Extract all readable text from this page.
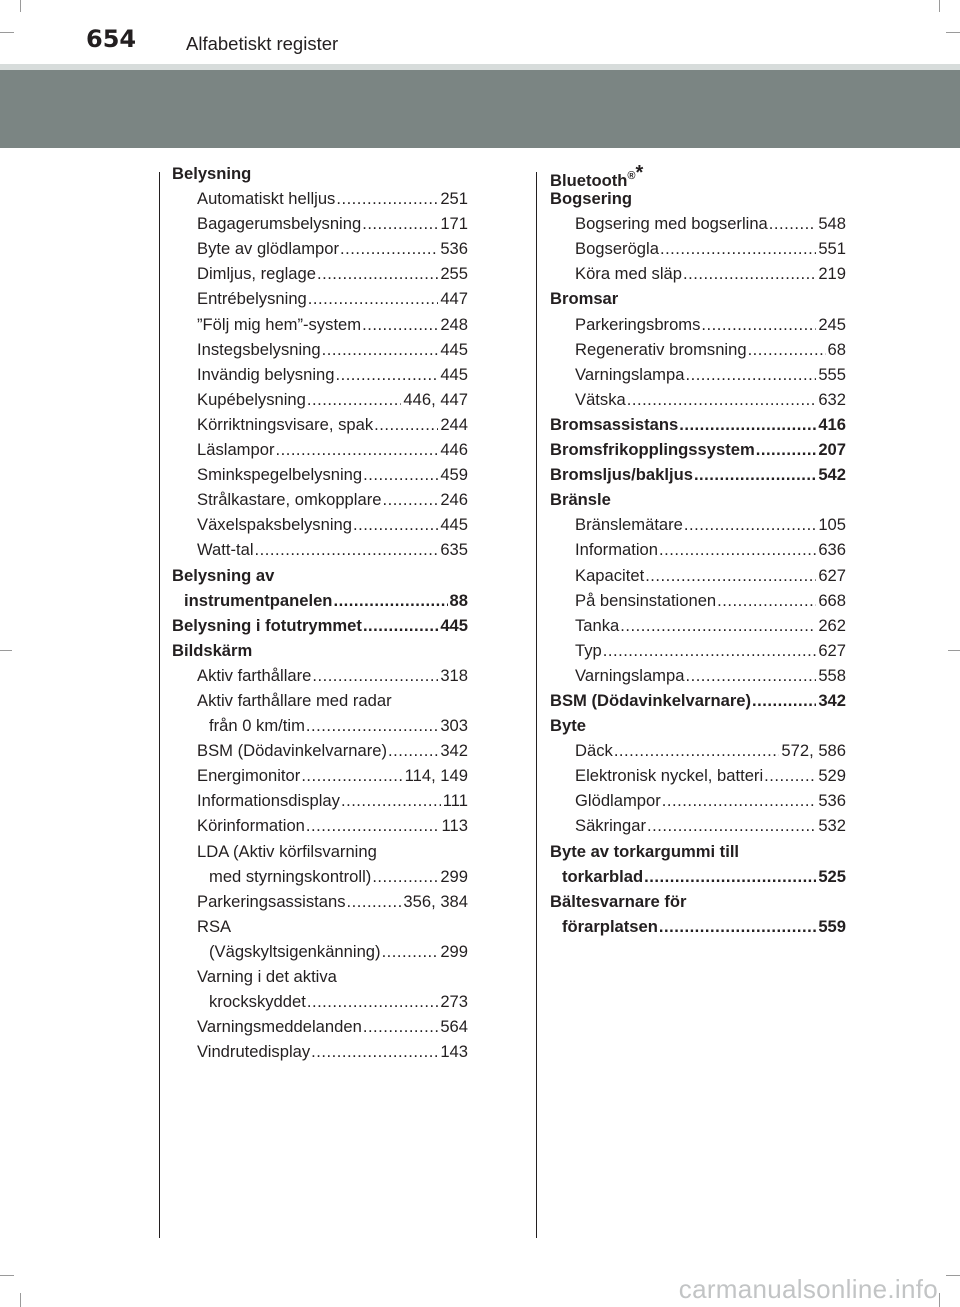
654	Alfabetiskt register
Belysning
Automatiskt helljus .....	251
Bagagerumsbelysning .....	171
Byte av glödlampor .....	536
Dimljus, reglage .....	255
Entrébelysning .....	447
”Följ mig hem”-system .....	248
Instegsbelysning .....	445
Invändig belysning .....	445
Kupébelysning .....	446, 447
Körriktningsvisare, spak .....	244
Läslampor .....	446
Sminkspegelbelysning .....	459
Strålkastare, omkopplare .....	246
Växelspaksbelysning .....	445
Watt-tal .....	635
Belysning av
instrumentpanelen .....	88
Belysning i fotutrymmet .....	445
Bildskärm
Aktiv farthållare .....	318
Aktiv farthållare med radar
från 0 km/tim .....	303
BSM (Dödavinkelvarnare) .....	342
Energimonitor .....	114, 149
Informationsdisplay .....	111
Körinformation .....	113
LDA (Aktiv körfilsvarning
med styrningskontroll) .....	299
Parkeringsassistans .....	356, 384
RSA
(Vägskyltsigenkänning) .....	299
Varning i det aktiva
krockskyddet .....	273
Varningsmeddelanden .....	564
Vindrutedisplay .....	143
Bluetooth®*
Bogsering
Bogsering med bogserlina .....	548
Bogserögla .....	551
Köra med släp .....	219
Bromsar
Parkeringsbroms .....	245
Regenerativ bromsning .....	68
Varningslampa .....	555
Vätska .....	632
Bromsassistans .....	416
Bromsfrikopplingssystem .....	207
Bromsljus/bakljus .....	542
Bränsle
Bränslemätare .....	105
Information .....	636
Kapacitet .....	627
På bensinstationen .....	668
Tanka .....	262
Typ .....	627
Varningslampa .....	558
BSM (Dödavinkelvarnare) .....	342
Byte
Däck .....	572, 586
Elektronisk nyckel, batteri .....	529
Glödlampor .....	536
Säkringar .....	532
Byte av torkargummi till
torkarblad .....	525
Bältesvarnare för
förarplatsen .....	559
carmanualsonline.info
